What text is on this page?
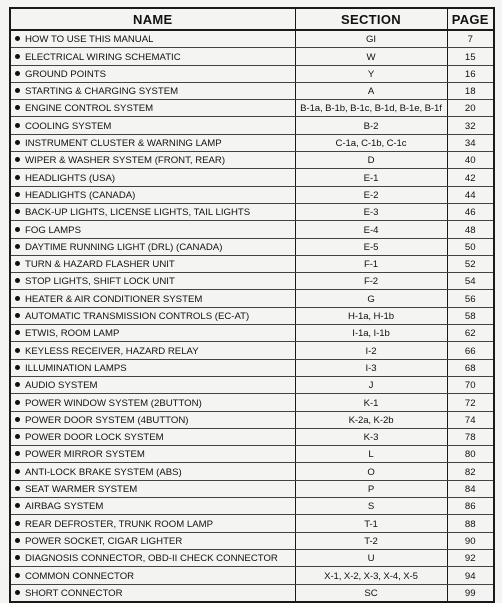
NAME	SECTION	PAGE
HOW TO USE THIS MANUAL	GI	7
ELECTRICAL WIRING SCHEMATIC	W	15
GROUND POINTS	Y	16
STARTING & CHARGING SYSTEM	A	18
ENGINE CONTROL SYSTEM	B-1a, B-1b, B-1c, B-1d, B-1e, B-1f	20
COOLING SYSTEM	B-2	32
INSTRUMENT CLUSTER & WARNING LAMP	C-1a, C-1b, C-1c	34
WIPER & WASHER SYSTEM (FRONT, REAR)	D	40
HEADLIGHTS (USA)	E-1	42
HEADLIGHTS (CANADA)	E-2	44
BACK-UP LIGHTS, LICENSE LIGHTS, TAIL LIGHTS	E-3	46
FOG LAMPS	E-4	48
DAYTIME RUNNING LIGHT (DRL) (CANADA)	E-5	50
TURN & HAZARD FLASHER UNIT	F-1	52
STOP LIGHTS, SHIFT LOCK UNIT	F-2	54
HEATER & AIR CONDITIONER SYSTEM	G	56
AUTOMATIC TRANSMISSION CONTROLS (EC-AT)	H-1a, H-1b	58
ETWIS, ROOM LAMP	I-1a, I-1b	62
KEYLESS RECEIVER, HAZARD RELAY	I-2	66
ILLUMINATION LAMPS	I-3	68
AUDIO SYSTEM	J	70
POWER WINDOW SYSTEM (2BUTTON)	K-1	72
POWER DOOR SYSTEM (4BUTTON)	K-2a, K-2b	74
POWER DOOR LOCK SYSTEM	K-3	78
POWER MIRROR SYSTEM	L	80
ANTI-LOCK BRAKE SYSTEM (ABS)	O	82
SEAT WARMER SYSTEM	P	84
AIRBAG SYSTEM	S	86
REAR DEFROSTER, TRUNK ROOM LAMP	T-1	88
POWER SOCKET, CIGAR LIGHTER	T-2	90
DIAGNOSIS CONNECTOR, OBD-II CHECK CONNECTOR	U	92
COMMON CONNECTOR	X-1, X-2, X-3, X-4, X-5	94
SHORT CONNECTOR	SC	99
